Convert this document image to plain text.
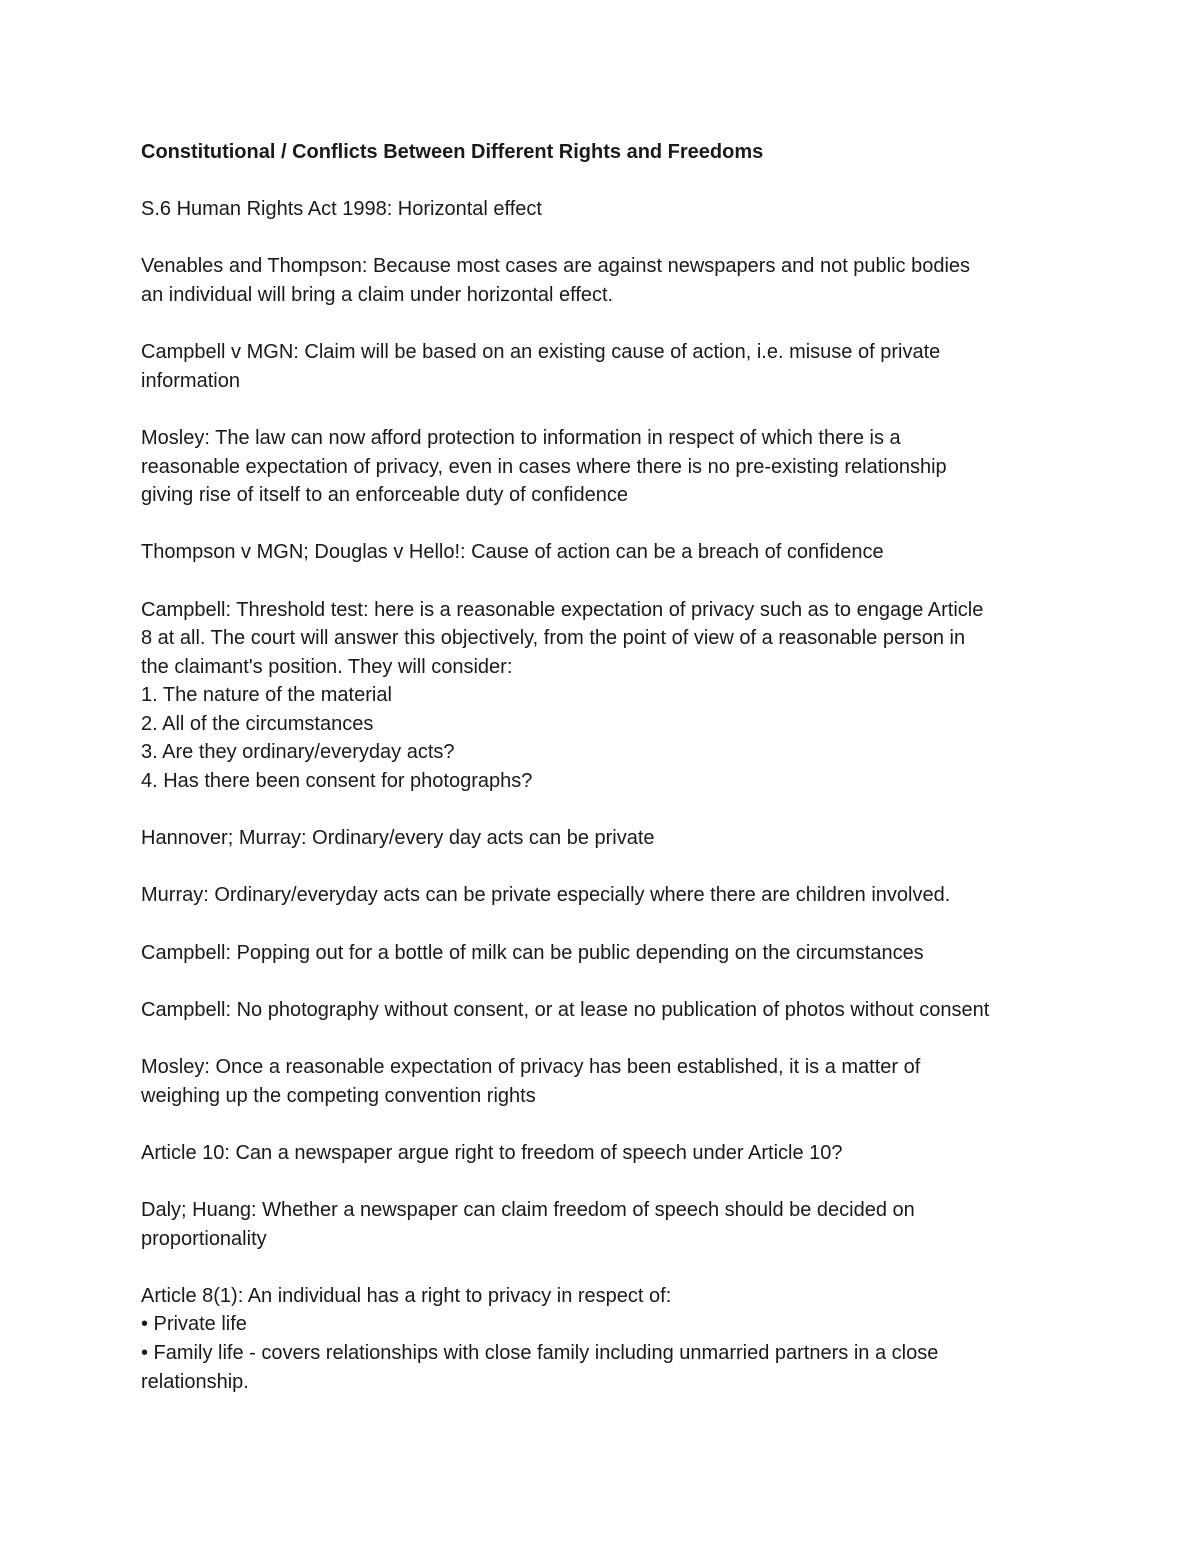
Constitutional / Conflicts Between Different Rights and Freedoms
S.6 Human Rights Act 1998: Horizontal effect
Venables and Thompson: Because most cases are against newspapers and not public bodies
an individual will bring a claim under horizontal effect.
Campbell v MGN: Claim will be based on an existing cause of action, i.e. misuse of private
information
Mosley: The law can now afford protection to information in respect of which there is a
reasonable expectation of privacy, even in cases where there is no pre-existing relationship
giving rise of itself to an enforceable duty of confidence
Thompson v MGN; Douglas v Hello!: Cause of action can be a breach of confidence
Campbell: Threshold test: here is a reasonable expectation of privacy such as to engage Article
8 at all. The court will answer this objectively, from the point of view of a reasonable person in
the claimant's position. They will consider:
1. The nature of the material
2. All of the circumstances
3. Are they ordinary/everyday acts?
4. Has there been consent for photographs?
Hannover; Murray: Ordinary/every day acts can be private
Murray: Ordinary/everyday acts can be private especially where there are children involved.
Campbell: Popping out for a bottle of milk can be public depending on the circumstances
Campbell: No photography without consent, or at lease no publication of photos without consent
Mosley: Once a reasonable expectation of privacy has been established, it is a matter of
weighing up the competing convention rights
Article 10: Can a newspaper argue right to freedom of speech under Article 10?
Daly; Huang: Whether a newspaper can claim freedom of speech should be decided on
proportionality
Article 8(1): An individual has a right to privacy in respect of:
• Private life
• Family life - covers relationships with close family including unmarried partners in a close
relationship.
